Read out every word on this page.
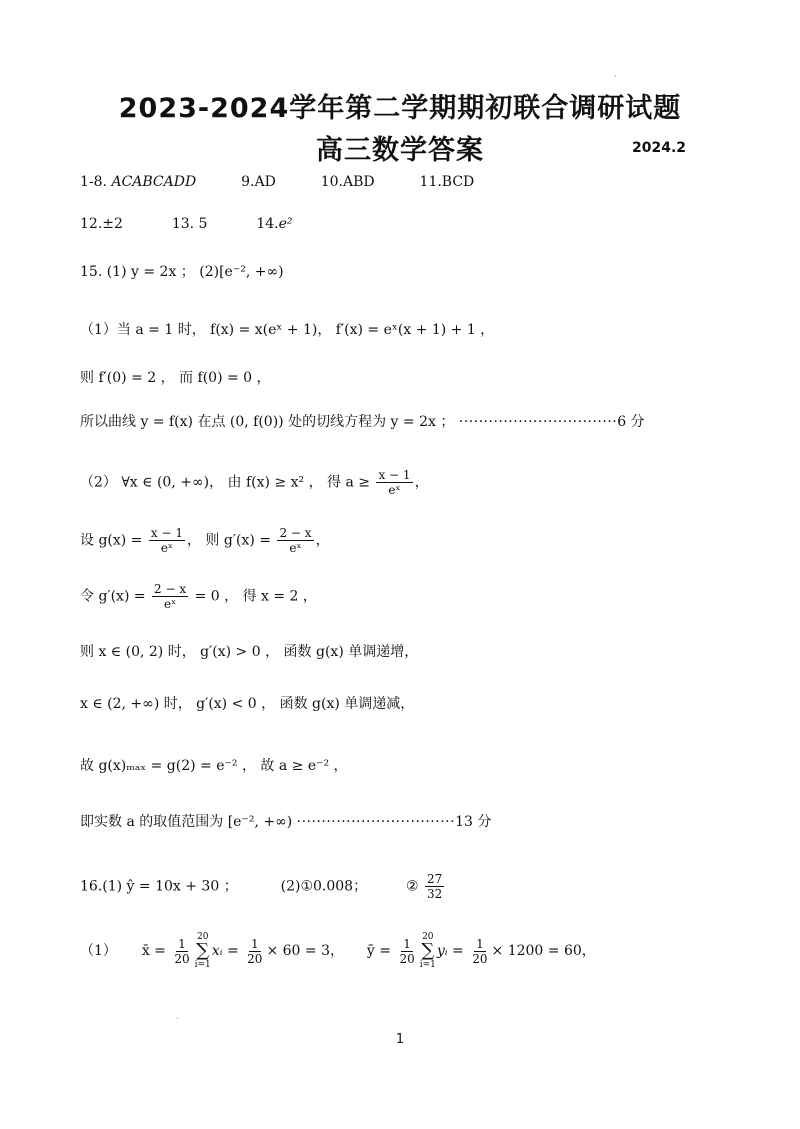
•
•
2023-2024学年第二学期期初联合调研试题
高三数学答案	2024.2
1-8. ACABCADD	9.AD	10.ABD	11.BCD
12.±2	13. 5	14.e²
15. (1) y = 2x ； (2)[e⁻², +∞)
（1）当 a = 1 时， f(x) = x(eˣ + 1)， f′(x) = eˣ(x + 1) + 1 ，
则 f′(0) = 2 ， 而 f(0) = 0 ，
所以曲线 y = f(x) 在点 (0, f(0)) 处的切线方程为 y = 2x ； ································6 分
（2） ∀x ∈ (0, +∞)， 由 f(x) ≥ x² ， 得 $a \ge \frac{x - 1}{\text{eˣ}}$ ，
设 $g(x) = \frac{x - 1}{\text{eˣ}}$ ， 则 $g'(x) = \frac{2 - x}{\text{eˣ}}$ ，
令 $g'(x) = \frac{2 - x}{\text{eˣ}} = 0$ ， 得 x = 2 ，
则 x ∈ (0, 2) 时， g′(x) > 0 ， 函数 g(x) 单调递增，
x ∈ (2, +∞) 时， g′(x) < 0 ， 函数 g(x) 单调递减，
故 g(x)ₘₐₓ = g(2) = e⁻² ， 故 a ≥ e⁻² ，
即实数 a 的取值范围为 [e⁻², +∞) ································13 分
16.(1) ŷ = 10x + 30 ；	(2)①0.008；	② $\frac{27}{32}$
（1） x̄ = $\frac{1}{20} 20$
∑
i=1
xᵢ = $\frac{1}{20} \times 60 = 3$， ȳ = $\frac{1}{20} 20$
∑
i=1
yᵢ = $\frac{1}{20} \times 1200 = 60$，
1
